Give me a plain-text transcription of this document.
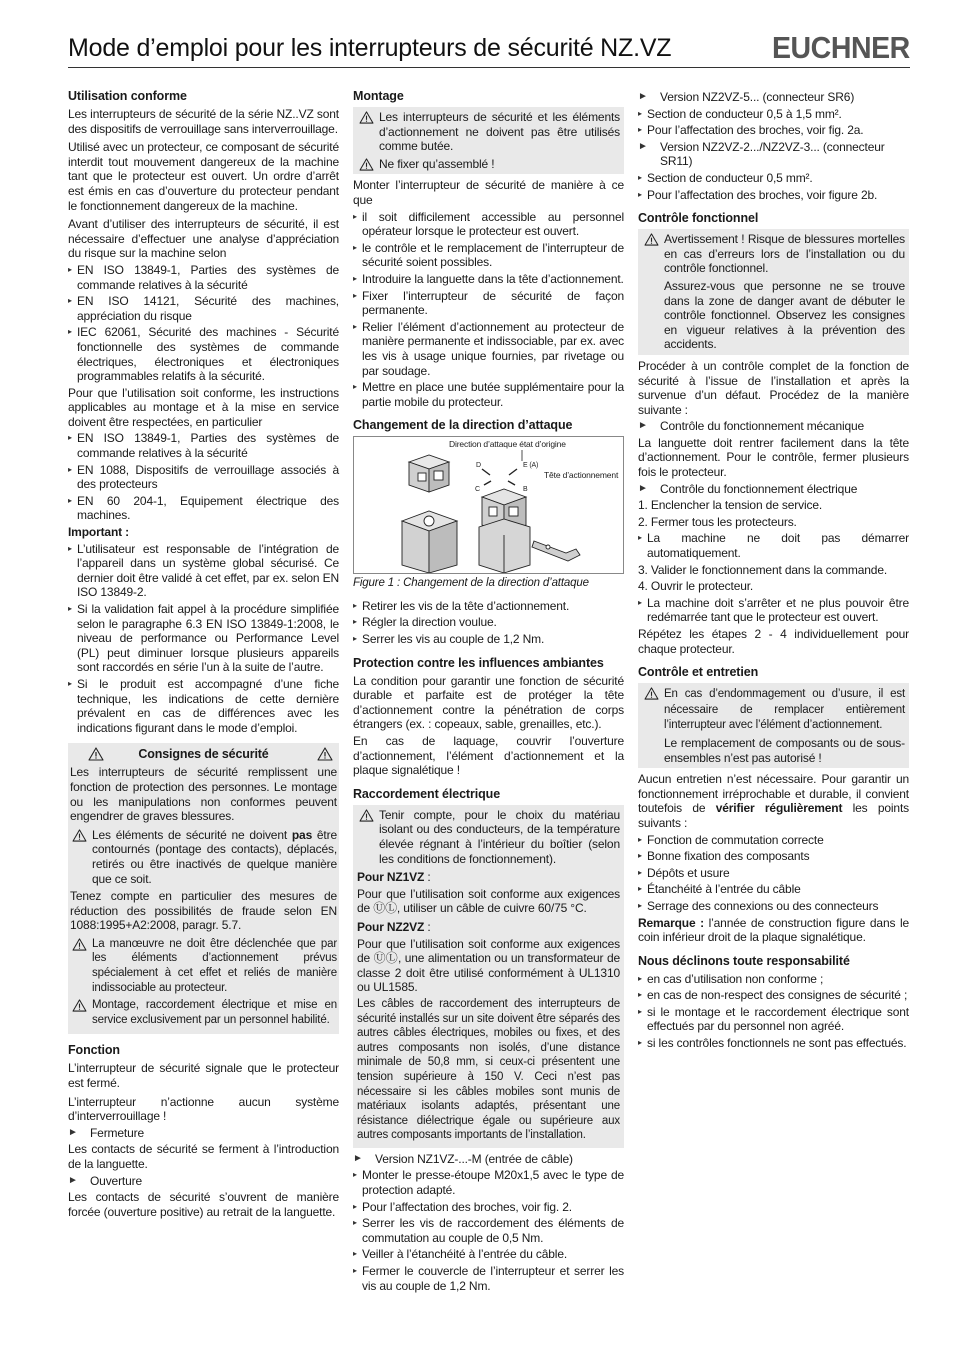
Mode d’emploi pour les interrupteurs de sécurité NZ.VZ	EUCHNER
Utilisation conforme

Les interrupteurs de sécurité de la série NZ..VZ sont des dispositifs de verrouillage sans interverrouillage.

Utilisé avec un protecteur, ce composant de sécurité interdit tout mouvement dangereux de la machine tant que le protecteur est ouvert. Un ordre d’arrêt est émis en cas d’ouverture du protecteur pendant le fonctionnement dangereux de la machine.

Avant d’utiliser des interrupteurs de sécurité, il est nécessaire d’effectuer une analyse d’appréciation du risque sur la machine selon

▸ EN ISO 13849-1, Parties des systèmes de commande relatives à la sécurité
▸ EN ISO 14121, Sécurité des machines, appréciation du risque
▸ IEC 62061, Sécurité des machines - Sécurité fonctionnelle des systèmes de commande électriques, électroniques et électroniques programmables relatifs à la sécurité.

Pour que l’utilisation soit conforme, les instructions applicables au montage et à la mise en service doivent être respectées, en particulier

▸ EN ISO 13849-1, Parties des systèmes de commande relatives à la sécurité
▸ EN 1088, Dispositifs de verrouillage associés à des protecteurs
▸ EN 60 204-1, Equipement électrique des machines.

Important :

▸ L’utilisateur est responsable de l’intégration de l’appareil dans un système global sécurisé. Ce dernier doit être validé à cet effet, par ex. selon EN ISO 13849-2.
▸ Si la validation fait appel à la procédure simplifiée selon le paragraphe 6.3 EN ISO 13849-1:2008, le niveau de performance ou Performance Level (PL) peut diminuer lorsque plusieurs appareils sont raccordés en série l’un à la suite de l’autre.
▸ Si le produit est accompagné d’une fiche technique, les indications de cette dernière prévalent en cas de différences avec les indications figurant dans le mode d’emploi.
Consignes de sécurité

Les interrupteurs de sécurité remplissent une fonction de protection des personnes. Le montage ou les manipulations non conformes peuvent engendrer de graves blessures.

Les éléments de sécurité ne doivent pas être contournés (pontage des contacts), déplacés, retirés ou être inactivés de quelque manière que ce soit.

Tenez compte en particulier des mesures de réduction des possibilités de fraude selon EN 1088:1995+A2:2008, paragr. 5.7.

La manœuvre ne doit être déclenchée que par les éléments d’actionnement prévus spécialement à cet effet et reliés de manière indissociable au protecteur.
Montage, raccordement électrique et mise en service exclusivement par un personnel habilité.
Fonction

L’interrupteur de sécurité signale que le protecteur est fermé.

L’interrupteur n’actionne aucun système d’interverrouillage !

► Fermeture

Les contacts de sécurité se ferment à l’introduction de la languette.

► Ouverture

Les contacts de sécurité s’ouvrent de manière forcée (ouverture positive) au retrait de la languette.

Montage
Les interrupteurs de sécurité et les éléments d’actionnement ne doivent pas être utilisés comme butée.
Ne fixer qu’assemblé !

Monter l’interrupteur de sécurité de manière à ce que

▸ il soit difficilement accessible au personnel opérateur lorsque le protecteur est ouvert.
▸ le contrôle et le remplacement de l’interrupteur de sécurité soient possibles.
▸ Introduire la languette dans la tête d’actionnement.
▸ Fixer l’interrupteur de sécurité de façon permanente.
▸ Relier l’élément d’actionnement au protecteur de manière permanente et indissociable, par ex. avec les vis à usage unique fournies, par rivetage ou par soudage.
▸ Mettre en place une butée supplémentaire pour la partie mobile du protecteur.
Changement de la direction d’attaque
Direction d’attaque état d’origine
D	E (A)
C	B
Tête d’actionnement

Figure 1 : Changement de la direction d’attaque

▸ Retirer les vis de la tête d’actionnement.
▸ Régler la direction voulue.
▸ Serrer les vis au couple de 1,2 Nm.
Protection contre les influences ambiantes

La condition pour garantir une fonction de sécurité durable et parfaite est de protéger la tête d’actionnement contre la pénétration de corps étrangers (ex. : copeaux, sable, grenailles, etc.).

En cas de laquage, couvrir l’ouverture d’actionnement, l’élément d’actionnement et la plaque signalétique !

Raccordement électrique
Tenir compte, pour le choix du matériau isolant ou des conducteurs, de la température élevée régnant à l’intérieur du boîtier (selon les conditions de fonctionnement).

Pour NZ1VZ :

Pour que l’utilisation soit conforme aux exigences de ⓊⓁ, utiliser un câble de cuivre 60/75 °C.

Pour NZ2VZ :

Pour que l’utilisation soit conforme aux exigences de ⓊⓁ, une alimentation ou un transformateur de classe 2 doit être utilisé conformément à UL1310 ou UL1585.

Les câbles de raccordement des interrupteurs de sécurité installés sur un site doivent être séparés des autres câbles électriques, mobiles ou fixes, et des autres composants non isolés, d’une distance minimale de 50,8 mm, si ceux-ci présentent une tension supérieure à 150 V. Ceci n’est pas nécessaire si les câbles mobiles sont munis de matériaux isolants adaptés, présentant une résistance diélectrique égale ou supérieure aux autres composants importants de l’installation.

► Version NZ1VZ-...-M (entrée de câble)
▸ Monter le presse-étoupe M20x1,5 avec le type de protection adapté.
▸ Pour l’affectation des broches, voir fig. 2.
▸ Serrer les vis de raccordement des éléments de commutation au couple de 0,5 Nm.
▸ Veiller à l’étanchéité à l’entrée du câble.
▸ Fermer le couvercle de l’interrupteur et serrer les vis au couple de 1,2 Nm.
► Version NZ2VZ-5... (connecteur SR6)
▸ Section de conducteur 0,5 à 1,5 mm².
▸ Pour l’affectation des broches, voir fig. 2a.
► Version NZ2VZ-2.../NZ2VZ-3... (connecteur SR11)
▸ Section de conducteur 0,5 mm².
▸ Pour l’affectation des broches, voir figure 2b.
Contrôle fonctionnel
Avertissement ! Risque de blessures mortelles en cas d’erreurs lors de l’installation ou du contrôle fonctionnel.
Assurez-vous que personne ne se trouve dans la zone de danger avant de débuter le contrôle fonctionnel. Observez les consignes en vigueur relatives à la prévention des accidents.

Procéder à un contrôle complet de la fonction de sécurité à l’issue de l’installation et après la survenue d’un défaut. Procédez de la manière suivante :

► Contrôle du fonctionnement mécanique

La languette doit rentrer facilement dans la tête d’actionnement. Pour le contrôle, fermer plusieurs fois le protecteur.

► Contrôle du fonctionnement électrique
1. Enclencher la tension de service.
2. Fermer tous les protecteurs.
▸ La machine ne doit pas démarrer automatiquement.
3. Valider le fonctionnement dans la commande.
4. Ouvrir le protecteur.
▸ La machine doit s’arrêter et ne plus pouvoir être redémarrée tant que le protecteur est ouvert.

Répétez les étapes 2 - 4 individuellement pour chaque protecteur.

Contrôle et entretien
En cas d’endommagement ou d’usure, il est nécessaire de remplacer entièrement l’interrupteur avec l’élément d’actionnement.
Le remplacement de composants ou de sous-ensembles n’est pas autorisé !

Aucun entretien n’est nécessaire. Pour garantir un fonctionnement irréprochable et durable, il convient toutefois de vérifier régulièrement les points suivants :

▸ Fonction de commutation correcte
▸ Bonne fixation des composants
▸ Dépôts et usure
▸ Étanchéité à l’entrée du câble
▸ Serrage des connexions ou des connecteurs

Remarque : l’année de construction figure dans le coin inférieur droit de la plaque signalétique.

Nous déclinons toute responsabilité
▸ en cas d’utilisation non conforme ;
▸ en cas de non-respect des consignes de sécurité ;
▸ si le montage et le raccordement électrique sont effectués par du personnel non agréé.
▸ si les contrôles fonctionnels ne sont pas effectués.
